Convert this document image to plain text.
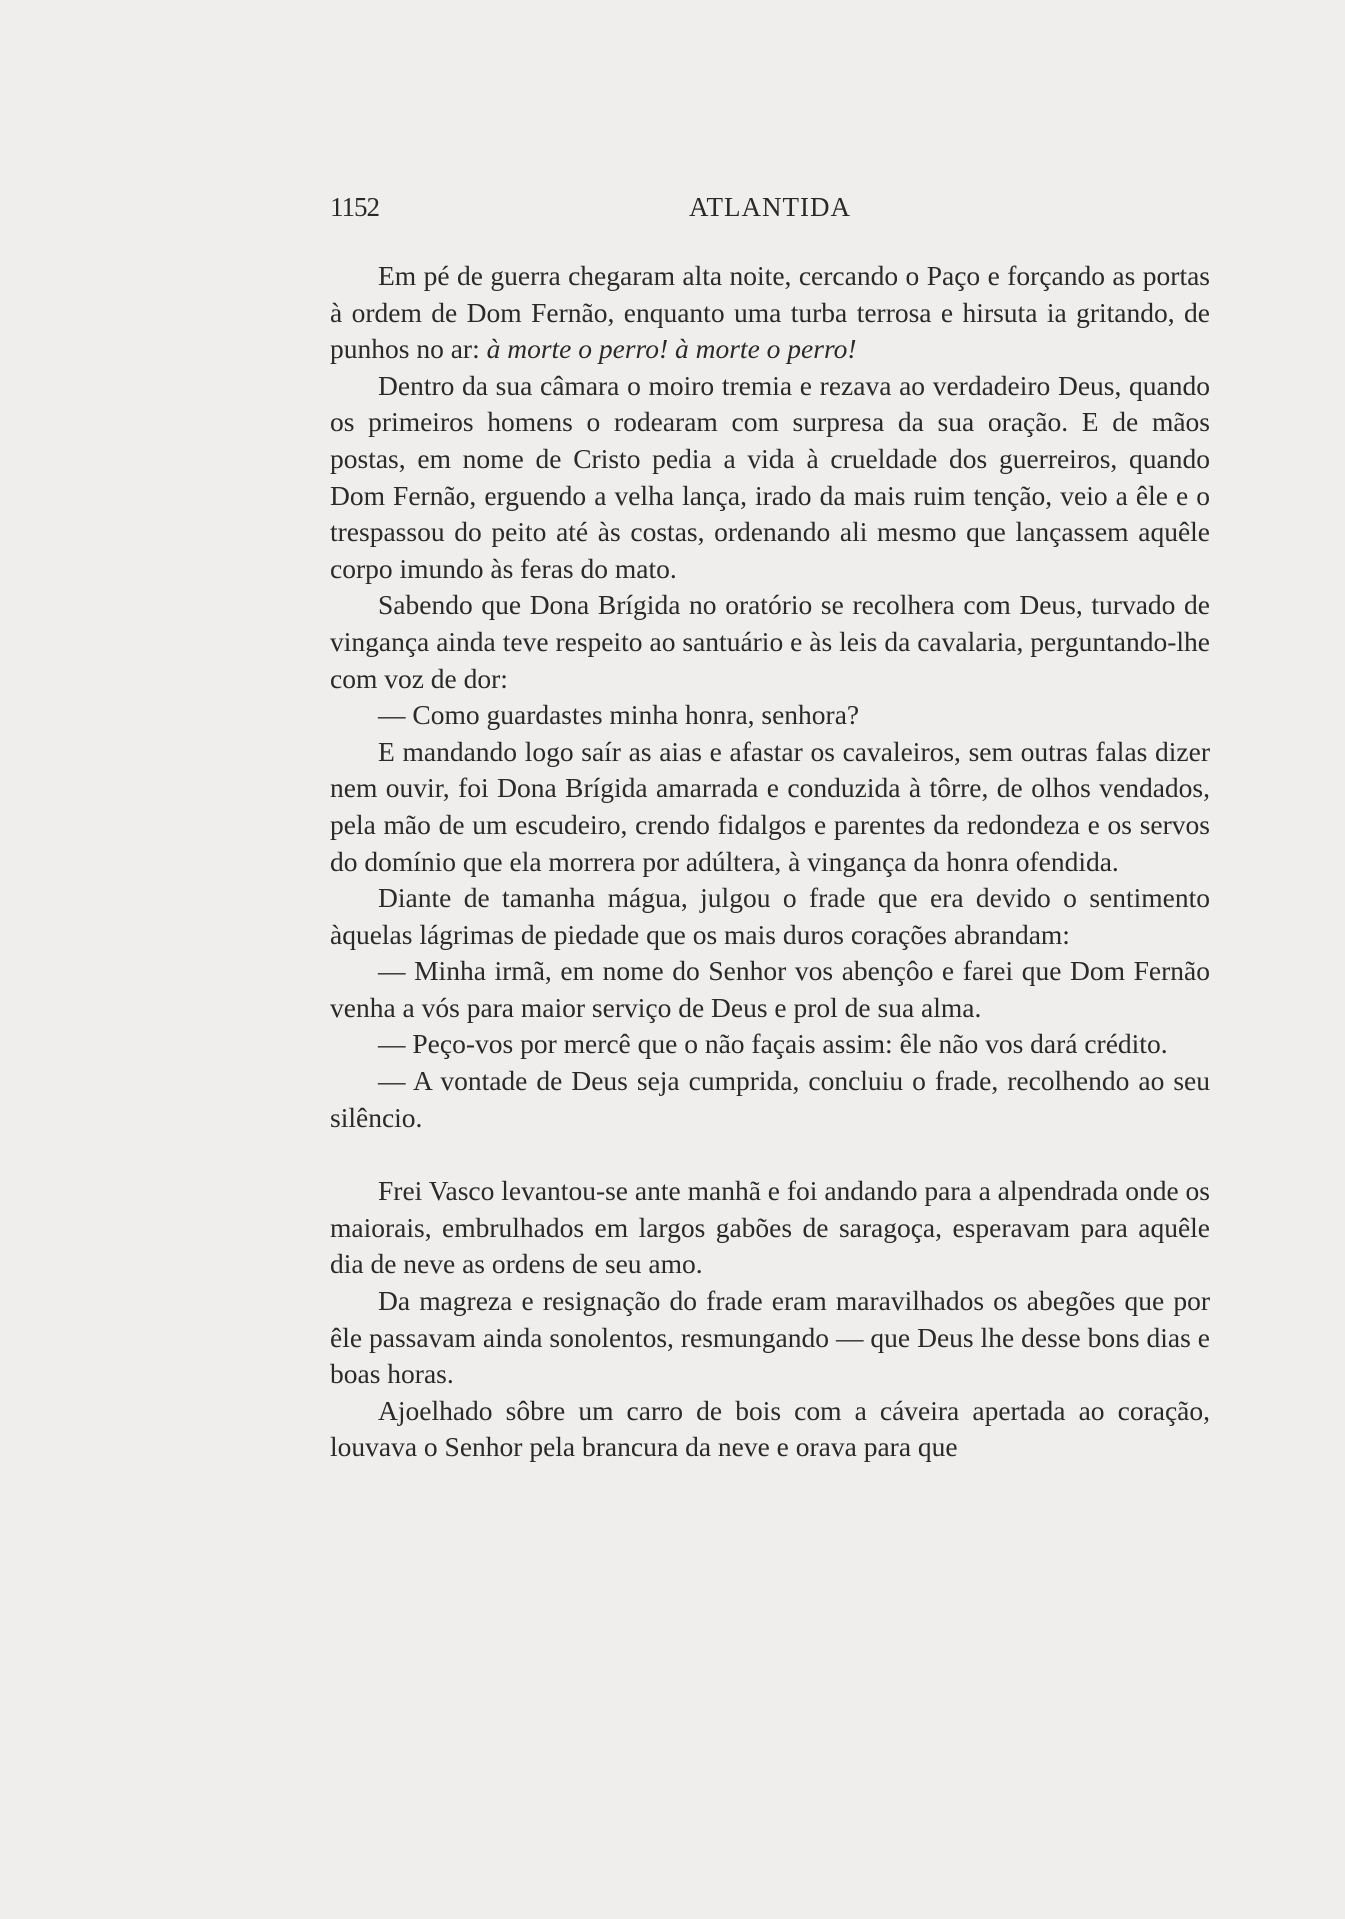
1152	ATLANTIDA

Em pé de guerra chegaram alta noite, cercando o Paço e forçando as portas à ordem de Dom Fernão, enquanto uma turba terrosa e hirsuta ia gritando, de punhos no ar: à morte o perro! à morte o perro!

Dentro da sua câmara o moiro tremia e rezava ao verdadeiro Deus, quando os primeiros homens o rodearam com surpresa da sua oração. E de mãos postas, em nome de Cristo pedia a vida à crueldade dos guerreiros, quando Dom Fernão, erguendo a velha lança, irado da mais ruim tenção, veio a êle e o trespassou do peito até às costas, ordenando ali mesmo que lançassem aquêle corpo imundo às feras do mato.

Sabendo que Dona Brígida no oratório se recolhera com Deus, turvado de vingança ainda teve respeito ao santuário e às leis da cavalaria, perguntando-lhe com voz de dor:

— Como guardastes minha honra, senhora?

E mandando logo saír as aias e afastar os cavaleiros, sem outras falas dizer nem ouvir, foi Dona Brígida amarrada e conduzida à tôrre, de olhos vendados, pela mão de um escudeiro, crendo fidalgos e parentes da redondeza e os servos do domínio que ela morrera por adúltera, à vingança da honra ofendida.

Diante de tamanha mágua, julgou o frade que era devido o sentimento àquelas lágrimas de piedade que os mais duros corações abrandam:

— Minha irmã, em nome do Senhor vos abençôo e farei que Dom Fernão venha a vós para maior serviço de Deus e prol de sua alma.

— Peço-vos por mercê que o não façais assim: êle não vos dará crédito.

— A vontade de Deus seja cumprida, concluiu o frade, recolhendo ao seu silêncio.

Frei Vasco levantou-se ante manhã e foi andando para a alpendrada onde os maiorais, embrulhados em largos gabões de saragoça, esperavam para aquêle dia de neve as ordens de seu amo.

Da magreza e resignação do frade eram maravilhados os abegões que por êle passavam ainda sonolentos, resmungando — que Deus lhe desse bons dias e boas horas.

Ajoelhado sôbre um carro de bois com a cáveira apertada ao coração, louvava o Senhor pela brancura da neve e orava para que
